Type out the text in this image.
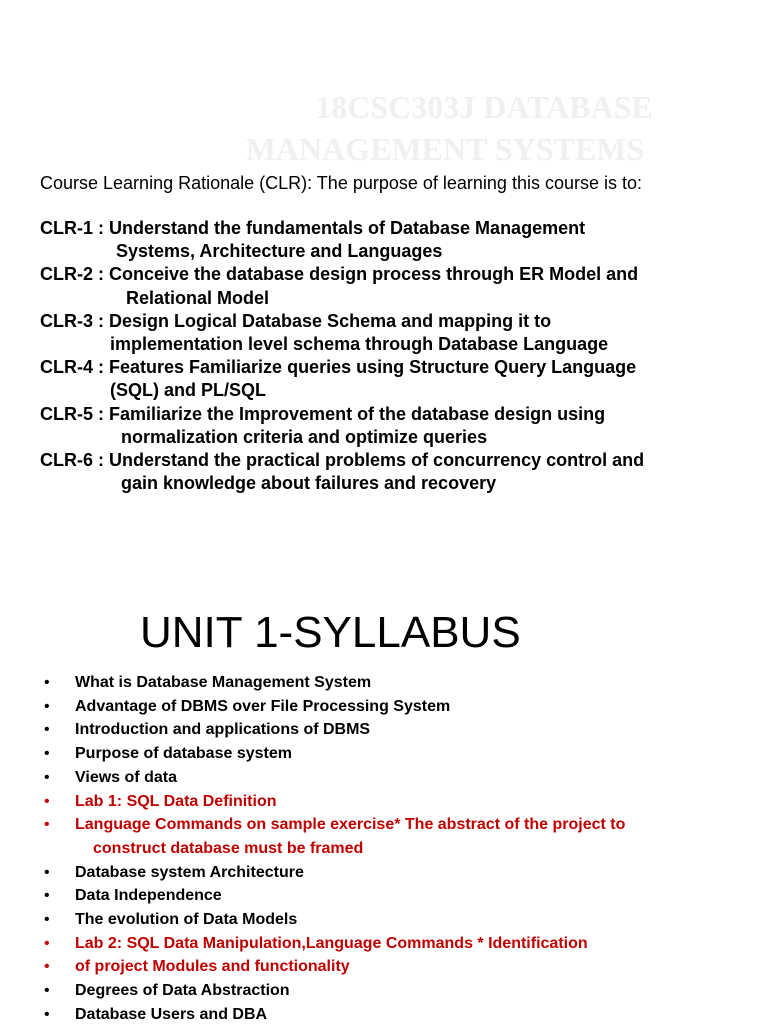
18CSC303J DATABASE
MANAGEMENT SYSTEMS
Course Learning Rationale (CLR): The purpose of learning this course is to:
CLR-1 : Understand the fundamentals of Database Management
Systems, Architecture and Languages
CLR-2 : Conceive the database design process through ER Model and
Relational Model
CLR-3 : Design Logical Database Schema and mapping it to
implementation level schema through Database Language
CLR-4 : Features Familiarize queries using Structure Query Language
(SQL) and PL/SQL
CLR-5 : Familiarize the Improvement of the database design using
normalization criteria and optimize queries
CLR-6 : Understand the practical problems of concurrency control and
gain knowledge about failures and recovery
UNIT 1-SYLLABUS
• What is Database Management System
• Advantage of DBMS over File Processing System
• Introduction and applications of DBMS
• Purpose of database system
• Views of data
• Lab 1: SQL Data Definition
• Language Commands on sample exercise* The abstract of the project to
construct database must be framed
• Database system Architecture
• Data Independence
• The evolution of Data Models
• Lab 2: SQL Data Manipulation,Language Commands * Identification
• of project Modules and functionality
• Degrees of Data Abstraction
• Database Users and DBA
